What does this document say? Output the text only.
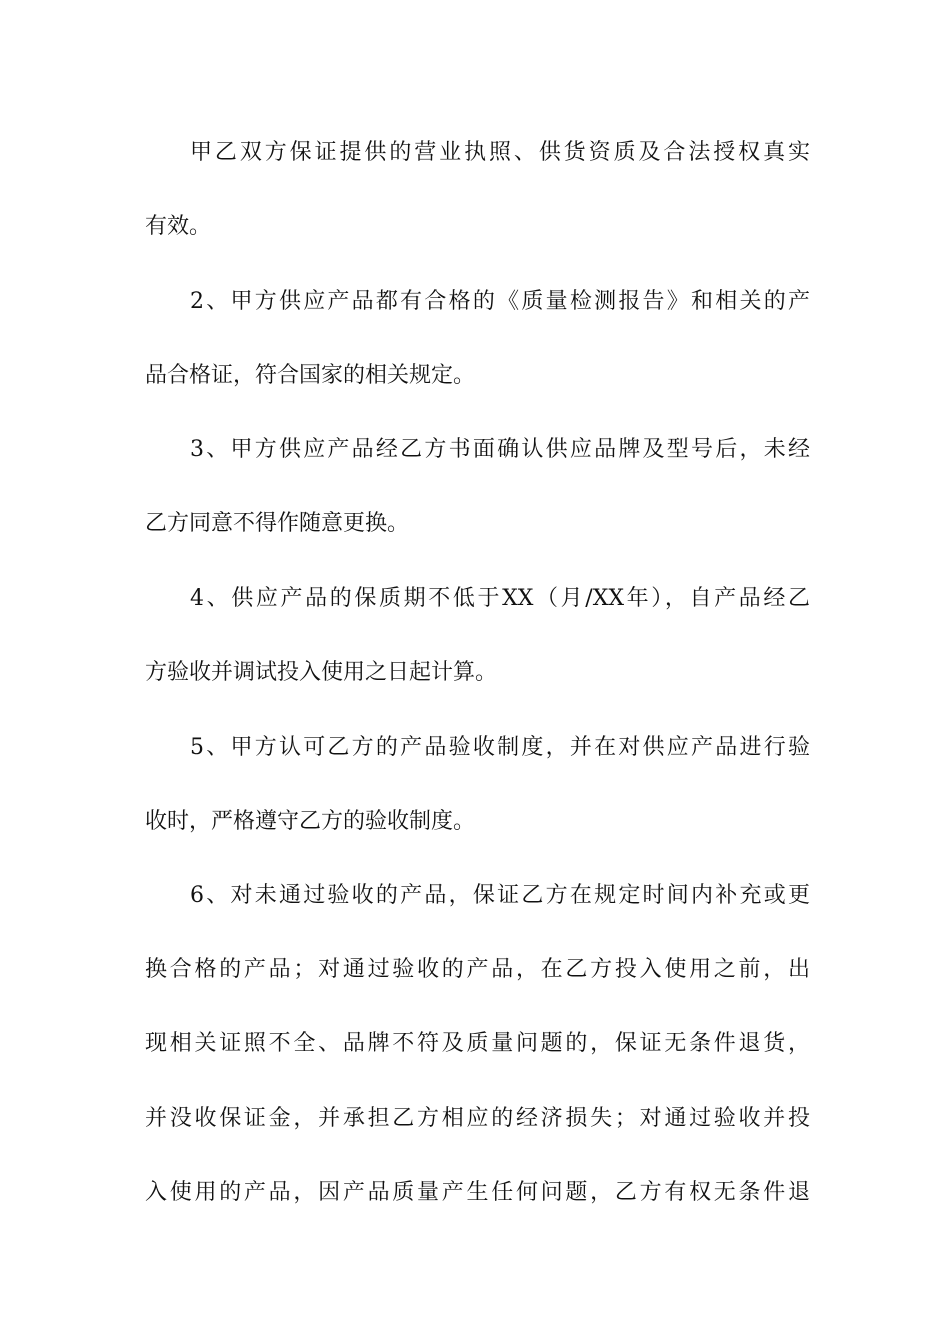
甲乙双方保证提供的营业执照、供货资质及合法授权真实
有效。
2、甲方供应产品都有合格的《质量检测报告》和相关的产
品合格证，符合国家的相关规定。
3、甲方供应产品经乙方书面确认供应品牌及型号后，未经
乙方同意不得作随意更换。
4、供应产品的保质期不低于XX（月/XX年），自产品经乙
方验收并调试投入使用之日起计算。
5、甲方认可乙方的产品验收制度，并在对供应产品进行验
收时，严格遵守乙方的验收制度。
6、对未通过验收的产品，保证乙方在规定时间内补充或更
换合格的产品；对通过验收的产品，在乙方投入使用之前，出
现相关证照不全、品牌不符及质量问题的，保证无条件退货，
并没收保证金，并承担乙方相应的经济损失；对通过验收并投
入使用的产品，因产品质量产生任何问题，乙方有权无条件退
